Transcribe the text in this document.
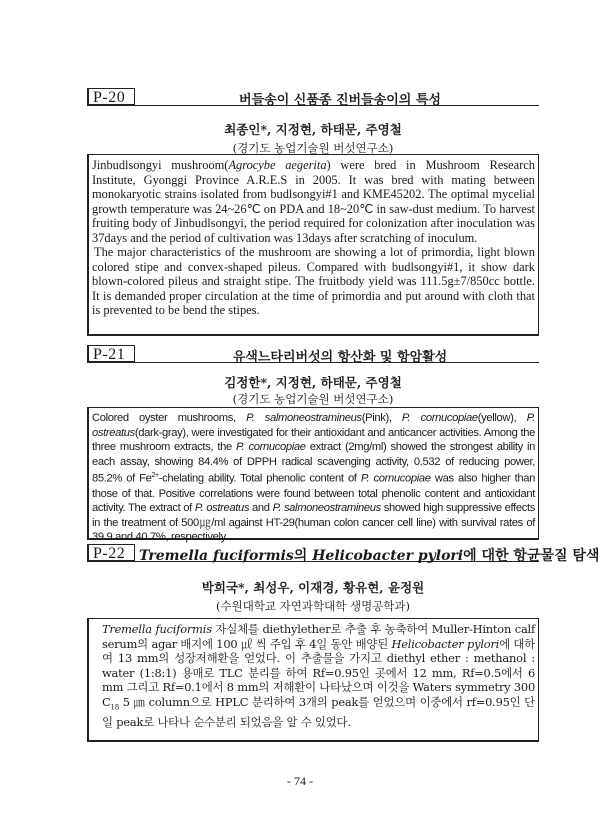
P-20	버들송이 신품종 진버들송이의 특성
최종인*, 지정현, 하태문, 주영철
(경기도 농업기술원 버섯연구소)

Jinbudlsongyi mushroom(Agrocybe aegerita) were bred in Mushroom Research Institute, Gyonggi Province A.R.E.S in 2005. It was bred with mating between monokaryotic strains isolated from budlsongyi#1 and KME45202. The optimal mycelial growth temperature was 24~26℃ on PDA and 18~20℃ in saw-dust medium. To harvest fruiting body of Jinbudlsongyi, the period required for colonization after inoculation was 37days and the period of cultivation was 13days after scratching of inoculum.

The major characteristics of the mushroom are showing a lot of primordia, light blown colored stipe and convex-shaped pileus. Compared with budlsongyi#1, it show dark blown-colored pileus and straight stipe. The fruitbody yield was 111.5g±7/850cc bottle. It is demanded proper circulation at the time of primordia and put around with cloth that is prevented to be bend the stipes.

P-21	유색느타리버섯의 항산화 및 항암활성
김정한*, 지정현, 하태문, 주영철
(경기도 농업기술원 버섯연구소)

Colored oyster mushrooms, P. salmoneostramineus(Pink), P. cornucopiae(yellow), P. ostreatus(dark-gray), were investigated for their antioxidant and anticancer activities. Among the three mushroom extracts, the P. cornucopiae extract (2mg/ml) showed the strongest ability in each assay, showing 84.4% of DPPH radical scavenging activity, 0.532 of reducing power, 85.2% of $Fe^{2+}$-chelating ability. Total phenolic content of P. cornucopiae was also higher than those of that. Positive correlations were found between total phenolic content and antioxidant activity. The extract of P. ostreatus and P. salmoneostramineus showed high suppressive effects in the treatment of 500㎍/ml against HT-29(human colon cancer cell line) with survival rates of 39.9 and 40.7%, respectively.

P-22 Tremella fuciformis의 Helicobacter pylori에 대한 항균물질 탐색
박희국*, 최성우, 이재경, 황유현, 윤정원
(수원대학교 자연과학대학 생명공학과)

Tremella fuciformis 자실체를 diethylether로 추출 후 농축하여 Muller-Hinton calf serum의 agar 배지에 100 ㎕ 씩 주입 후 4일 동안 배양된 Helicobacter pylori에 대하여 13 mm의 성장저해환을 얻었다. 이 추출물을 가지고 diethyl ether : methanol : water (1:8:1) 용매로 TLC 분리를 하여 Rf=0.95인 곳에서 12 mm, Rf=0.5에서 6 mm 그리고 Rf=0.1에서 8 mm의 저해환이 나타났으며 이것을 Waters symmetry 300 $C_{18}$ 5 ㎛ column으로 HPLC 분리하여 3개의 peak를 얻었으며 이중에서 rf=0.95인 단일 peak로 나타나 순수분리 되었음을 알 수 있었다.

- 74 -
